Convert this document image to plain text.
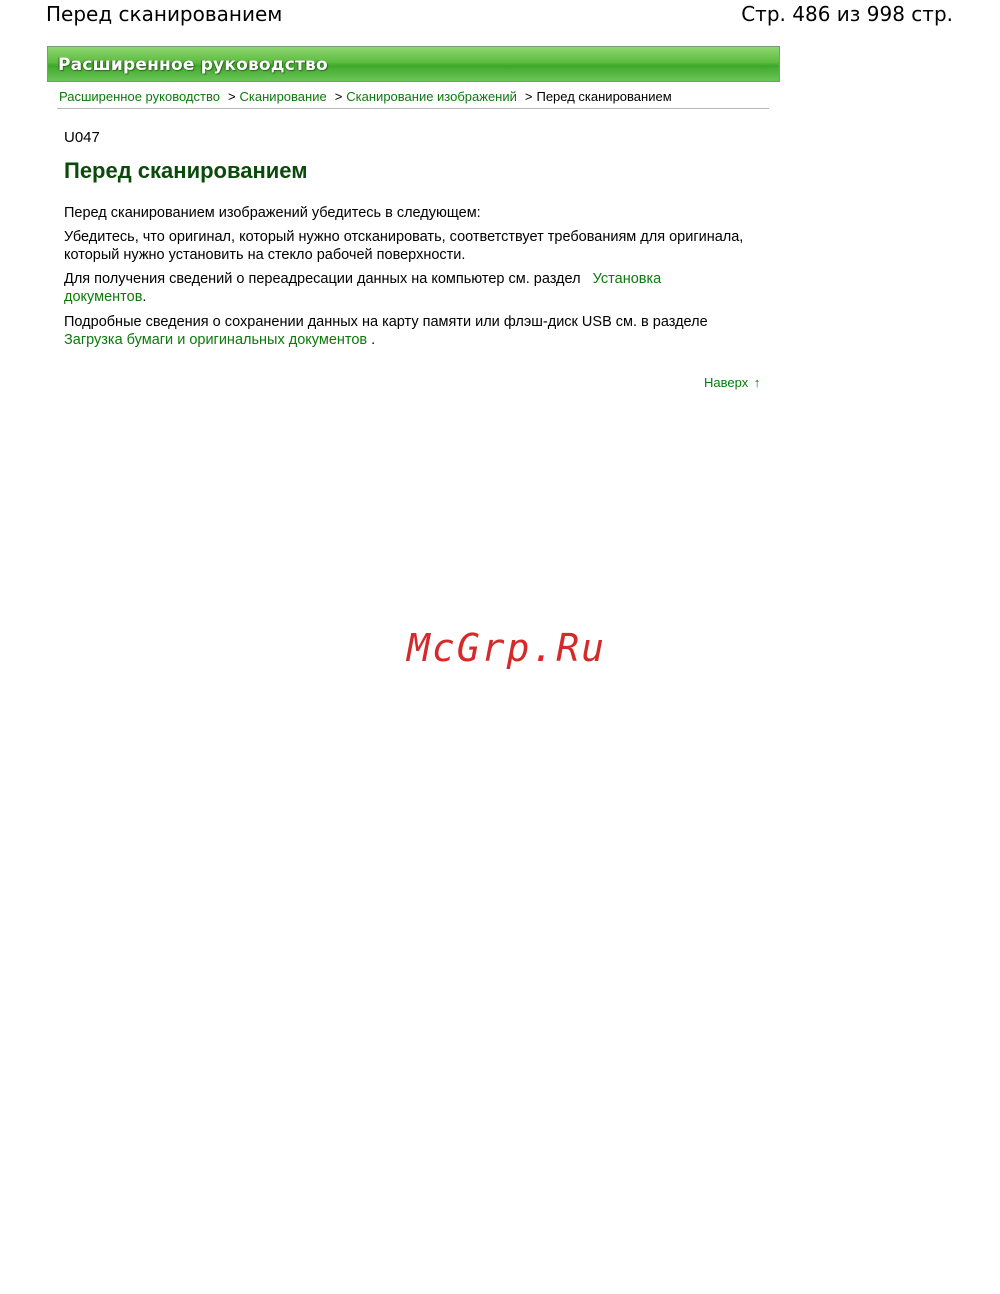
Перед сканированием	Стр. 486 из 998 стр.
Расширенное руководство
Расширенное руководство > Сканирование > Сканирование изображений > Перед сканированием
U047
Перед сканированием

Перед сканированием изображений убедитесь в следующем:

Убедитесь, что оригинал, который нужно отсканировать, соответствует требованиям для оригинала, который нужно установить на стекло рабочей поверхности.

Для получения сведений о переадресации данных на компьютер см. раздел Установка документов.

Подробные сведения о сохранении данных на карту памяти или флэш-диск USB см. в разделе Загрузка бумаги и оригинальных документов .

Наверх ↑
McGrp.Ru
